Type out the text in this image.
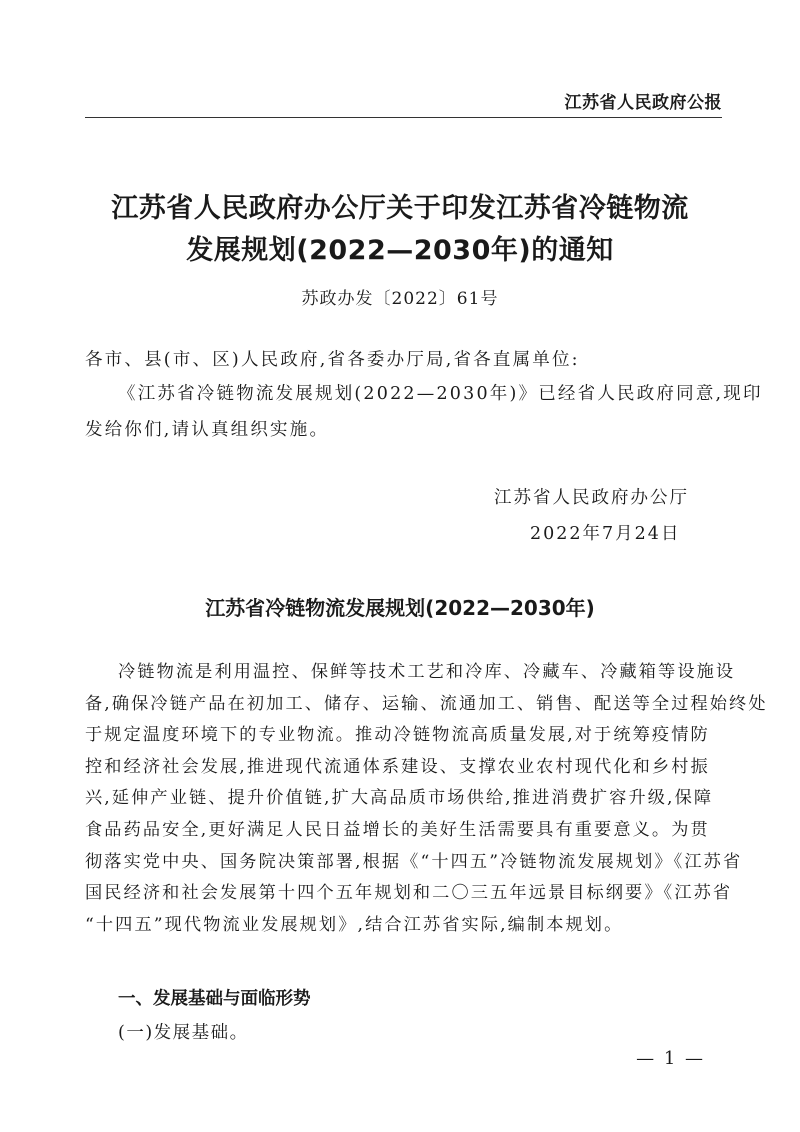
江苏省人民政府公报
江苏省人民政府办公厅关于印发江苏省冷链物流
发展规划(2022—2030年)的通知
苏政办发〔2022〕61号
各市、县(市、区)人民政府,省各委办厅局,省各直属单位:
《江苏省冷链物流发展规划(2022—2030年)》已经省人民政府同意,现印
发给你们,请认真组织实施。
江苏省人民政府办公厅
2022年7月24日
江苏省冷链物流发展规划(2022—2030年)
冷链物流是利用温控、保鲜等技术工艺和冷库、冷藏车、冷藏箱等设施设
备,确保冷链产品在初加工、储存、运输、流通加工、销售、配送等全过程始终处
于规定温度环境下的专业物流。推动冷链物流高质量发展,对于统筹疫情防
控和经济社会发展,推进现代流通体系建设、支撑农业农村现代化和乡村振
兴,延伸产业链、提升价值链,扩大高品质市场供给,推进消费扩容升级,保障
食品药品安全,更好满足人民日益增长的美好生活需要具有重要意义。为贯
彻落实党中央、国务院决策部署,根据《“十四五”冷链物流发展规划》《江苏省
国民经济和社会发展第十四个五年规划和二〇三五年远景目标纲要》《江苏省
“十四五”现代物流业发展规划》,结合江苏省实际,编制本规划。
一、发展基础与面临形势
(一)发展基础。
— 1 —
